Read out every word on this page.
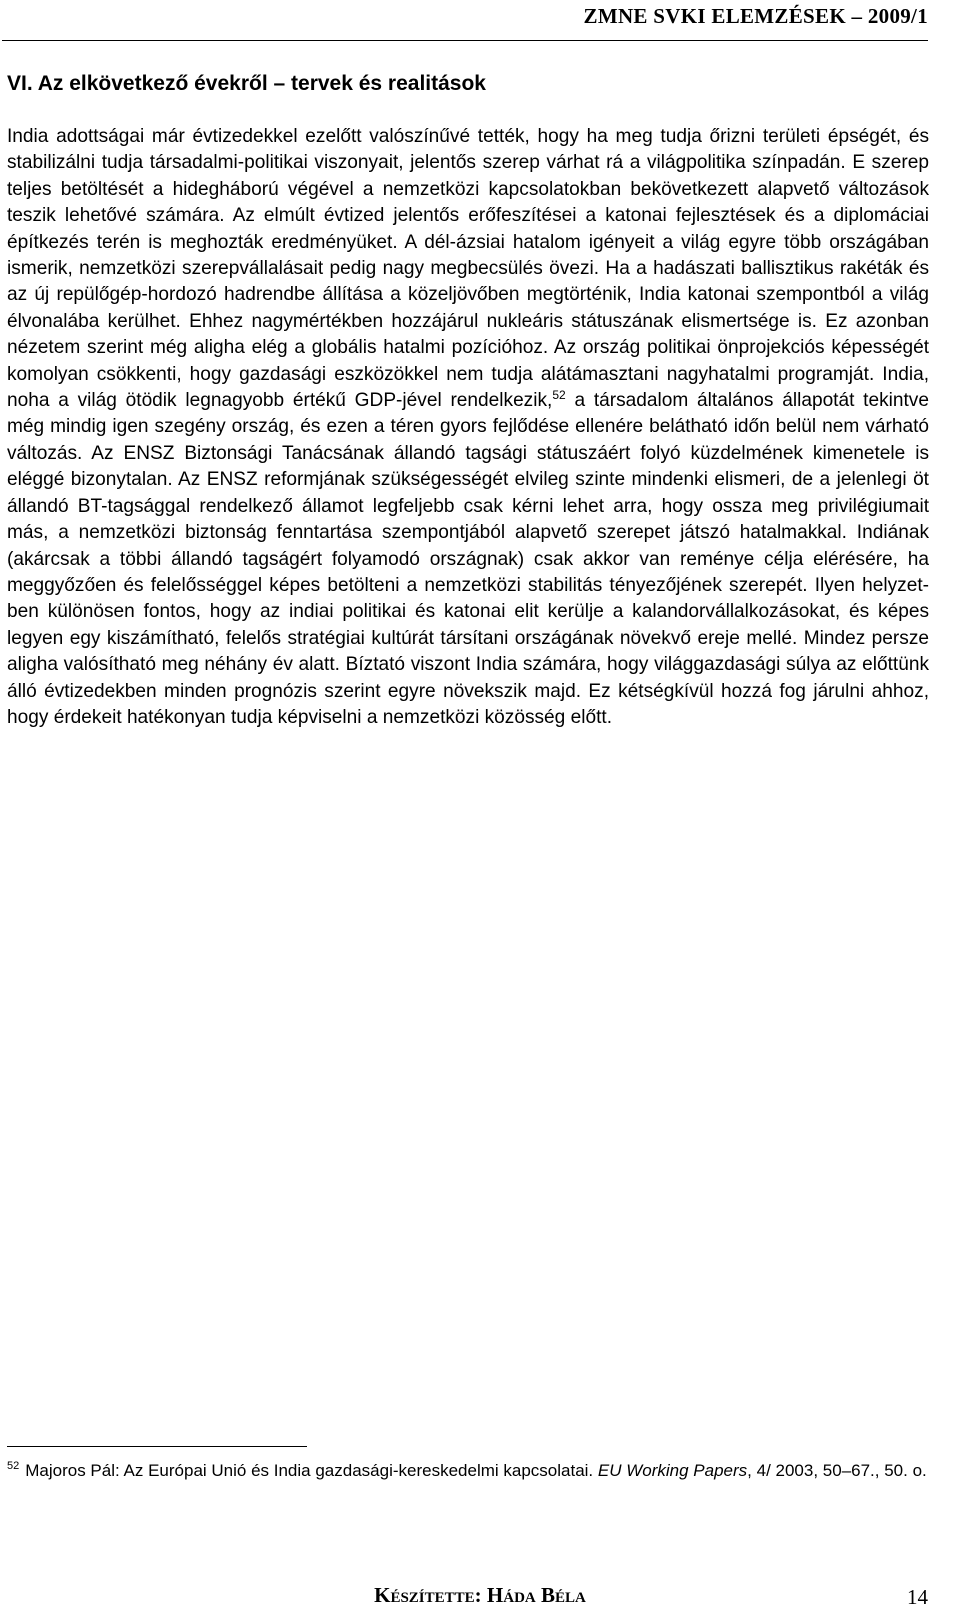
ZMNE SVKI ELEMZÉSEK – 2009/1
VI. Az elkövetkező évekről – tervek és realitások
India adottságai már évtizedekkel ezelőtt valószínűvé tették, hogy ha meg tudja őrizni területi épségét, és stabilizálni tudja társadalmi-politikai viszonyait, jelentős szerep várhat rá a világpolitika színpadán. E szerep teljes betöltését a hidegháború végével a nemzetközi kapcsolatokban bekövetkezett alapvető változások teszik lehetővé számára. Az elmúlt évtized jelentős erőfeszítései a katonai fejlesztések és a diplomáciai építkezés terén is meghozták eredményüket. A dél-ázsiai hatalom igényeit a világ egyre több országában ismerik, nemzetközi szerepvállalásait pedig nagy megbecsülés övezi. Ha a hadászati ballisztikus rakéták és az új repülőgép-hordozó hadrendbe állítása a közeljövőben megtörténik, India katonai szempontból a világ élvonalába kerülhet. Ehhez nagymértékben hozzájárul nukleáris státuszának elismertsége is. Ez azonban nézetem szerint még aligha elég a globális hatalmi pozícióhoz. Az ország politikai önprojekciós képességét komolyan csökkenti, hogy gazdasági eszközökkel nem tudja alátámasztani nagyhatalmi programját. India, noha a világ ötödik legnagyobb értékű GDP-jével rendelkezik,$^{52}$ a társadalom általános állapotát tekintve még mindig igen szegény ország, és ezen a téren gyors fejlődése ellenére belátható időn belül nem várható változás. Az ENSZ Biztonsági Tanácsának állandó tagsági státuszáért folyó küzdelmének kimenetele is eléggé bizonytalan. Az ENSZ reformjának szükségességét elvileg szinte mindenki elismeri, de a jelenlegi öt állandó BT-tagsággal rendelkező államot legfeljebb csak kérni lehet arra, hogy ossza meg privilégiumait más, a nemzetközi biztonság fenntartása szempontjából alapvető szerepet játszó hatalmakkal. Indiának (akárcsak a többi állandó tagságért folyamodó országnak) csak akkor van reménye célja elérésére, ha meggyőzően és felelősséggel képes betölteni a nemzetközi stabilitás tényezőjének szerepét. Ilyen helyzetben különösen fontos, hogy az indiai politikai és katonai elit kerülje a kalandorvállalkozásokat, és képes legyen egy kiszámítható, felelős stratégiai kultúrát társítani országának növekvő ereje mellé. Mindez persze aligha valósítható meg néhány év alatt. Bíztató viszont India számára, hogy világgazdasági súlya az előttünk álló évtizedekben minden prognózis szerint egyre növekszik majd. Ez kétségkívül hozzá fog járulni ahhoz, hogy érdekeit hatékonyan tudja képviselni a nemzetközi közösség előtt.
$^{52}$ Majoros Pál: Az Európai Unió és India gazdasági-kereskedelmi kapcsolatai. EU Working Papers, 4/ 2003, 50–67., 50. o.
Készítette: Háda Béla	14
